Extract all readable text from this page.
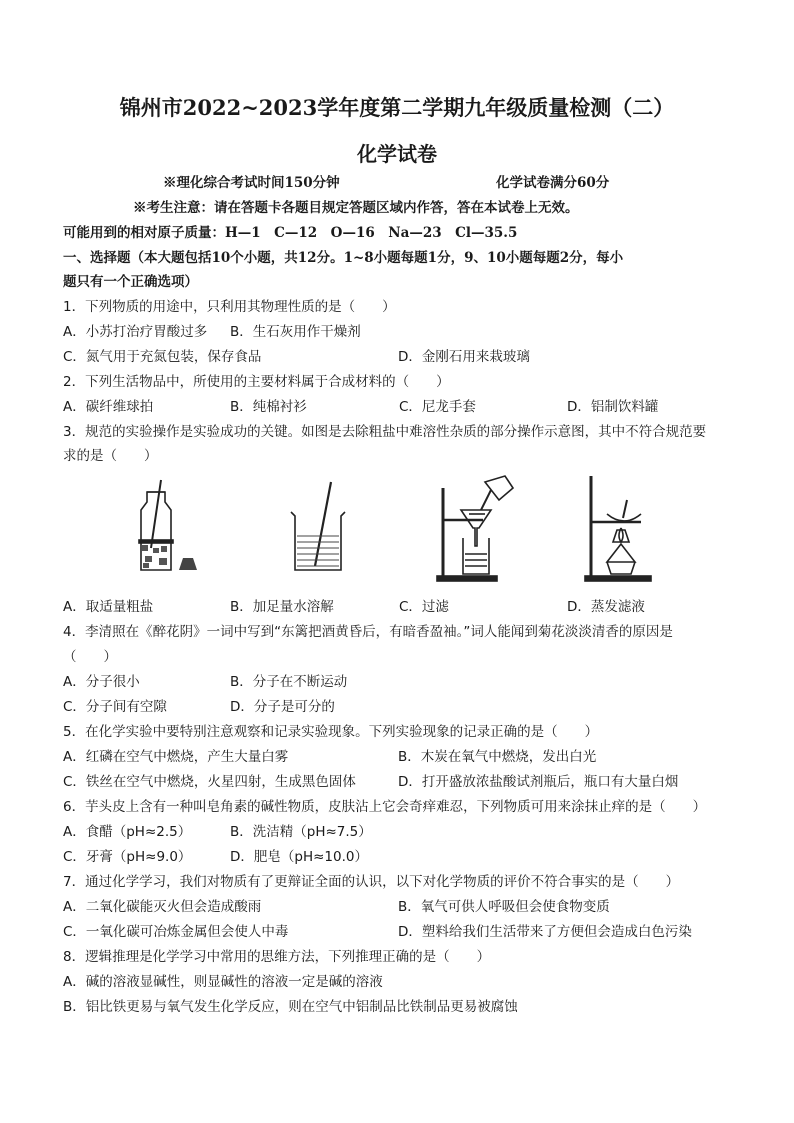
锦州市2022~2023学年度第二学期九年级质量检测（二）
化学试卷
※理化综合考试时间150分钟	化学试卷满分60分
※考生注意：请在答题卡各题目规定答题区域内作答，答在本试卷上无效。
可能用到的相对原子质量：H—1　C—12　O—16　Na—23　Cl—35.5
一、选择题（本大题包括10个小题，共12分。1~8小题每题1分，9、10小题每题2分，每小
题只有一个正确选项）
1．下列物质的用途中，只利用其物理性质的是（　　）
A．小苏打治疗胃酸过多 B．生石灰用作干燥剂
C．氮气用于充氮包装，保存食品	D．金刚石用来栽玻璃
2．下列生活物品中，所使用的主要材料属于合成材料的（　　）
A．碳纤维球拍	B．纯棉衬衫	C．尼龙手套	D．铝制饮料罐
3．规范的实验操作是实验成功的关键。如图是去除粗盐中难溶性杂质的部分操作示意图，其中不符合规范要
求的是（　　）
A．取适量粗盐	B．加足量水溶解	C．过滤	D．蒸发滤液
4．李清照在《醉花阴》一词中写到“东篱把酒黄昏后，有暗香盈袖。”词人能闻到菊花淡淡清香的原因是
（　　）
A．分子很小	B．分子在不断运动
C．分子间有空隙	D．分子是可分的
5．在化学实验中要特别注意观察和记录实验现象。下列实验现象的记录正确的是（　　）
A．红磷在空气中燃烧，产生大量白雾	B．木炭在氧气中燃烧，发出白光
C．铁丝在空气中燃烧，火星四射，生成黑色固体	D．打开盛放浓盐酸试剂瓶后，瓶口有大量白烟
6．芋头皮上含有一种叫皂角素的碱性物质，皮肤沾上它会奇痒难忍，下列物质可用来涂抹止痒的是（　　）
A．食醋（pH≈2.5）	B．洗洁精（pH≈7.5）
C．牙膏（pH≈9.0）	D．肥皂（pH≈10.0）
7．通过化学学习，我们对物质有了更辩证全面的认识，以下对化学物质的评价不符合事实的是（　　）
A．二氧化碳能灭火但会造成酸雨	B．氧气可供人呼吸但会使食物变质
C．一氧化碳可冶炼金属但会使人中毒	D．塑料给我们生活带来了方便但会造成白色污染
8．逻辑推理是化学学习中常用的思维方法，下列推理正确的是（　　）
A．碱的溶液显碱性，则显碱性的溶液一定是碱的溶液
B．铝比铁更易与氧气发生化学反应，则在空气中铝制品比铁制品更易被腐蚀
